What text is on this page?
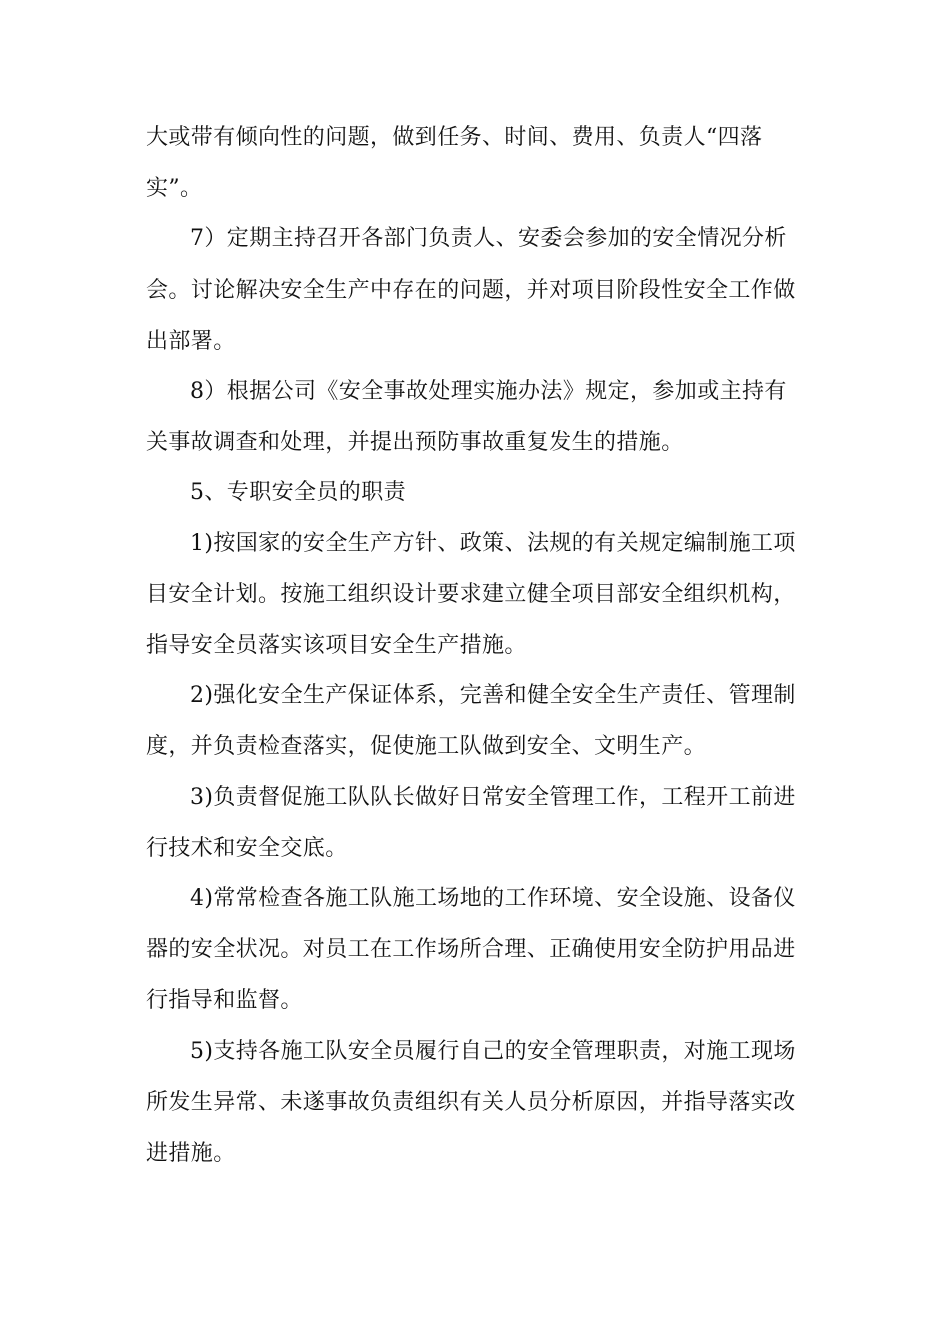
大或带有倾向性的问题，做到任务、时间、费用、负责人“四落实”。

7）定期主持召开各部门负责人、安委会参加的安全情况分析会。讨论解决安全生产中存在的问题，并对项目阶段性安全工作做出部署。

8）根据公司《安全事故处理实施办法》规定，参加或主持有关事故调查和处理，并提出预防事故重复发生的措施。

5、专职安全员的职责

1)按国家的安全生产方针、政策、法规的有关规定编制施工项目安全计划。按施工组织设计要求建立健全项目部安全组织机构，指导安全员落实该项目安全生产措施。

2)强化安全生产保证体系，完善和健全安全生产责任、管理制度，并负责检查落实，促使施工队做到安全、文明生产。

3)负责督促施工队队长做好日常安全管理工作，工程开工前进行技术和安全交底。

4)常常检查各施工队施工场地的工作环境、安全设施、设备仪器的安全状况。对员工在工作场所合理、正确使用安全防护用品进行指导和监督。

5)支持各施工队安全员履行自己的安全管理职责，对施工现场所发生异常、未遂事故负责组织有关人员分析原因，并指导落实改进措施。
